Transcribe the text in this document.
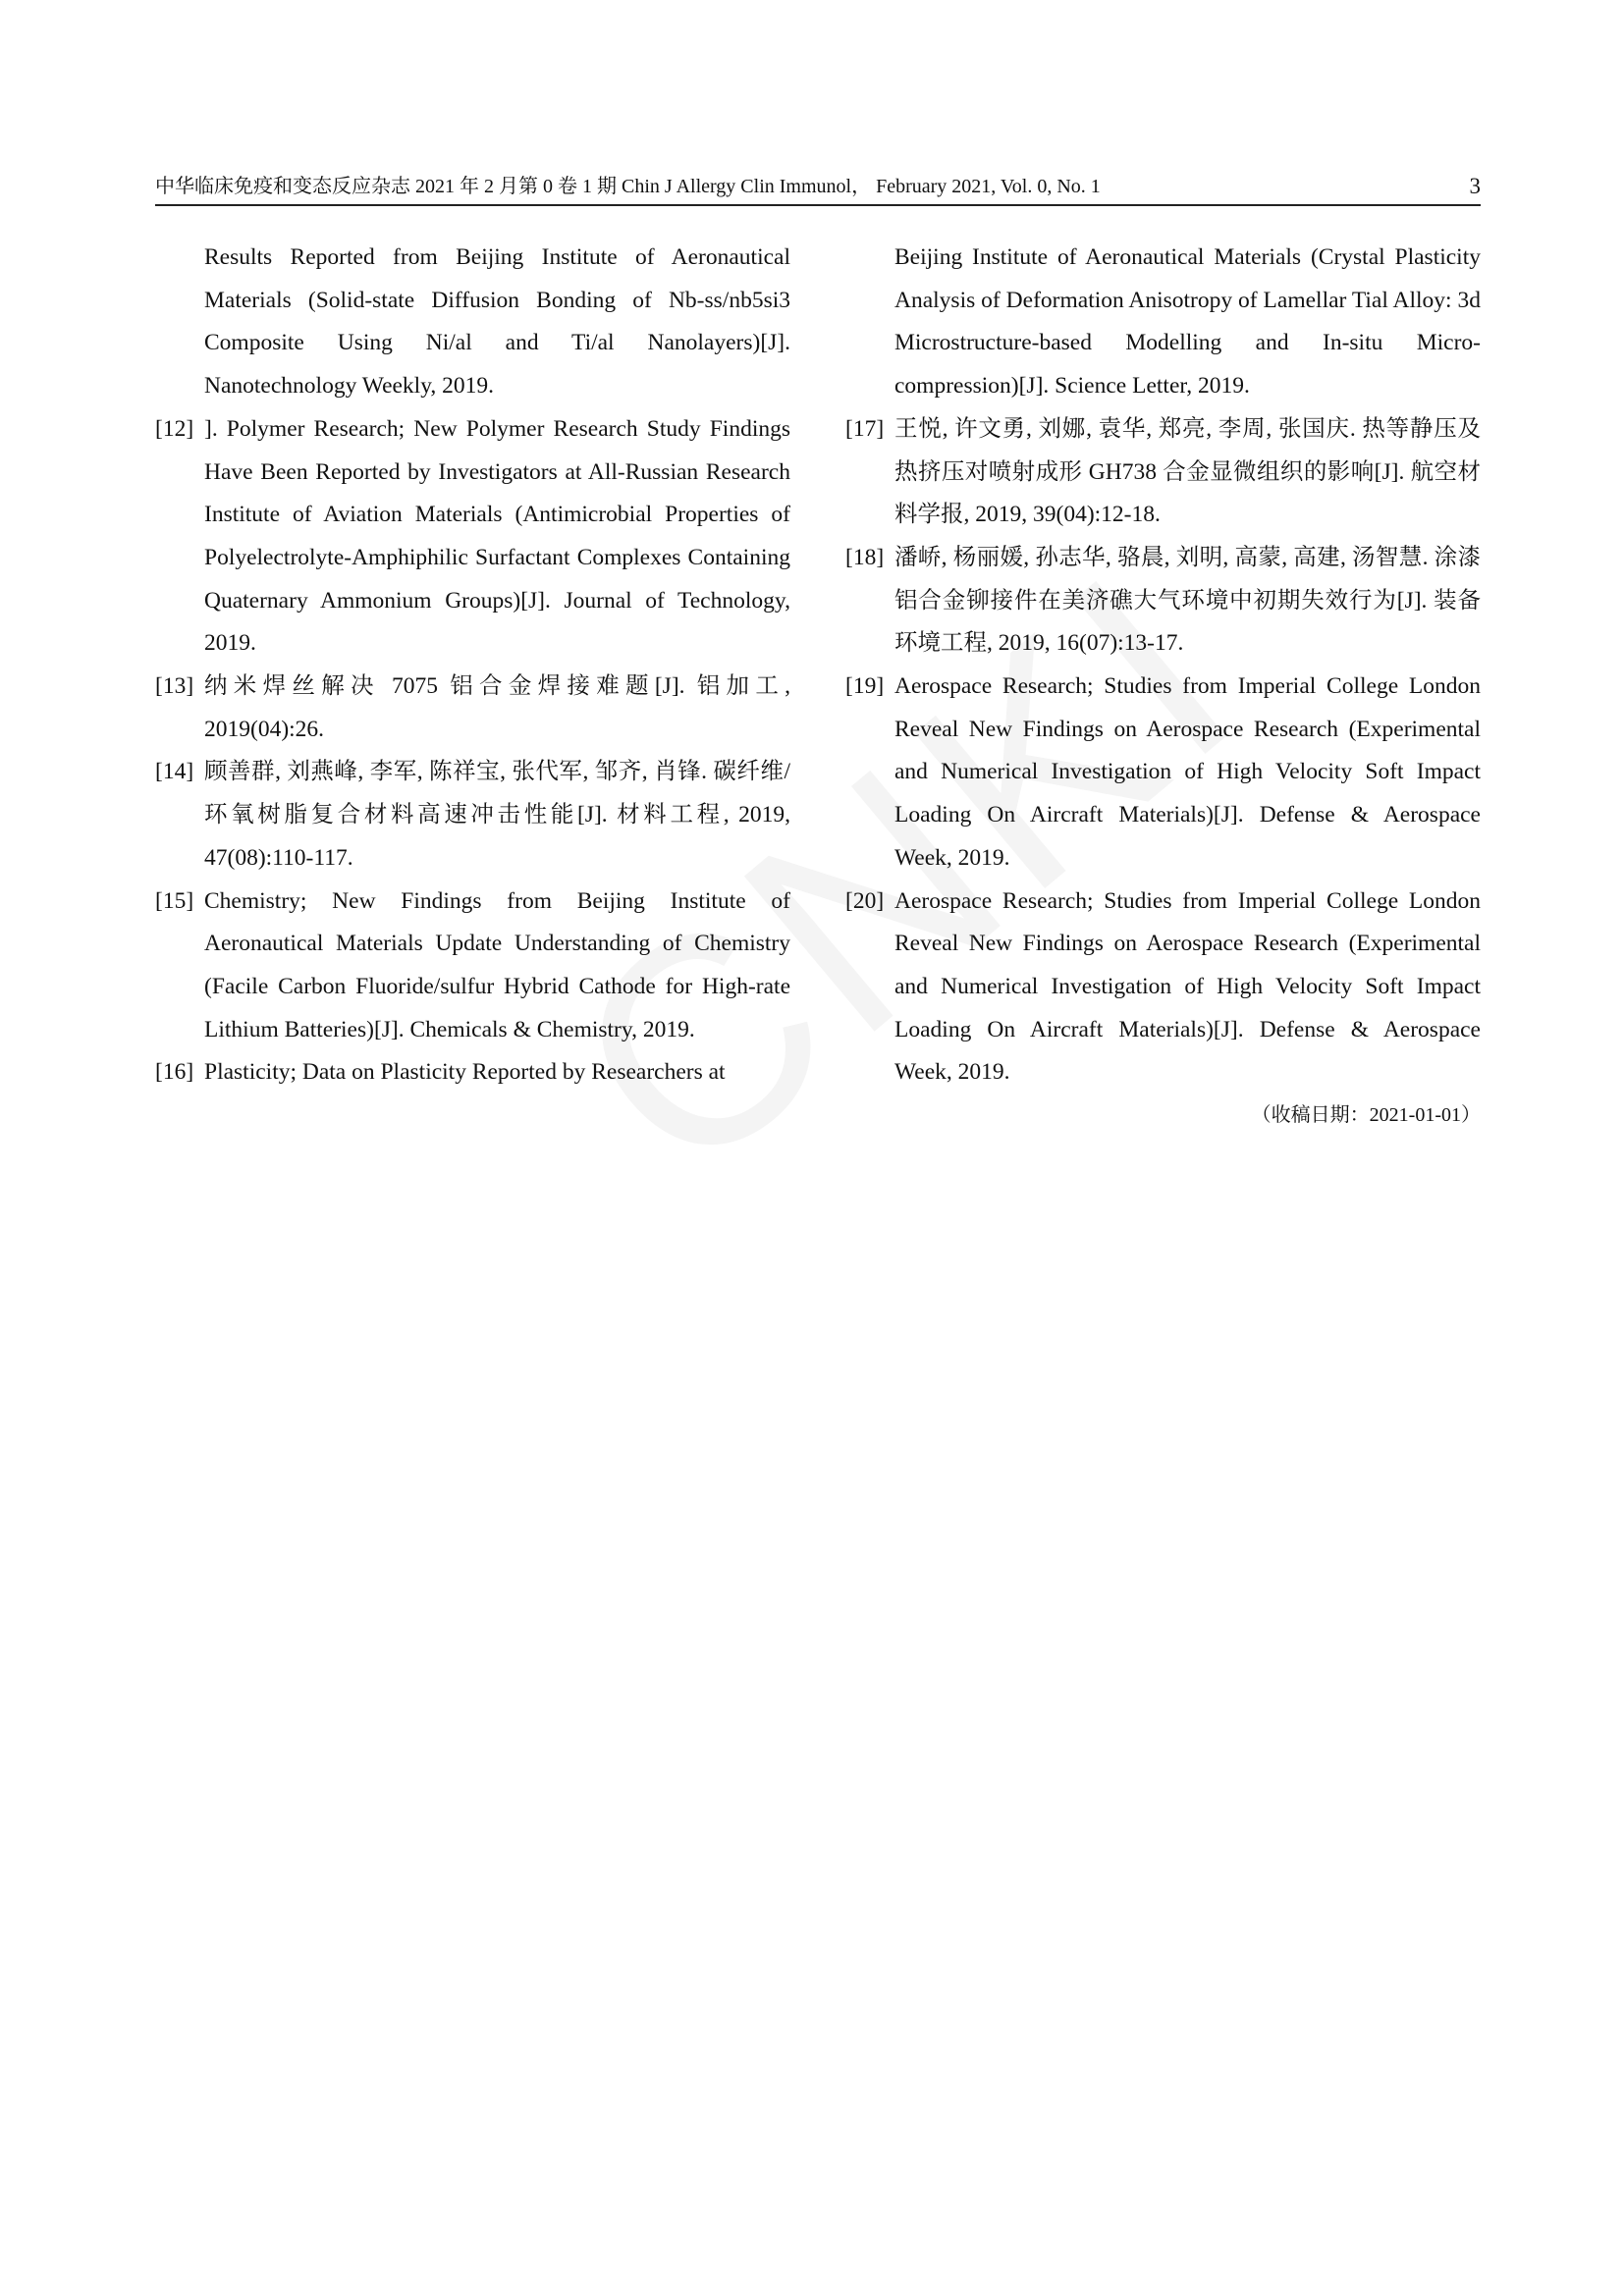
中华临床免疫和变态反应杂志 2021 年 2 月第 0 卷 1 期 Chin J Allergy Clin Immunol， February 2021, Vol. 0, No. 1	3
Results Reported from Beijing Institute of Aeronautical Materials (Solid-state Diffusion Bonding of Nb-ss/nb5si3 Composite Using Ni/al and Ti/al Nanolayers)[J]. Nanotechnology Weekly, 2019.
[12] ]. Polymer Research; New Polymer Research Study Findings Have Been Reported by Investigators at All-Russian Research Institute of Aviation Materials (Antimicrobial Properties of Polyelectrolyte-Amphiphilic Surfactant Complexes Containing Quaternary Ammonium Groups)[J]. Journal of Technology, 2019.
[13] 纳米焊丝解决 7075 铝合金焊接难题[J]. 铝加工, 2019(04):26.
[14] 顾善群, 刘燕峰, 李军, 陈祥宝, 张代军, 邹齐, 肖锋. 碳纤维/环氧树脂复合材料高速冲击性能[J]. 材料工程, 2019, 47(08):110-117.
[15] Chemistry; New Findings from Beijing Institute of Aeronautical Materials Update Understanding of Chemistry (Facile Carbon Fluoride/sulfur Hybrid Cathode for High-rate Lithium Batteries)[J]. Chemicals & Chemistry, 2019.
[16] Plasticity; Data on Plasticity Reported by Researchers at
Beijing Institute of Aeronautical Materials (Crystal Plasticity Analysis of Deformation Anisotropy of Lamellar Tial Alloy: 3d Microstructure-based Modelling and In-situ Micro-compression)[J]. Science Letter, 2019.
[17] 王悦, 许文勇, 刘娜, 袁华, 郑亮, 李周, 张国庆. 热等静压及热挤压对喷射成形 GH738 合金显微组织的影响[J]. 航空材料学报, 2019, 39(04):12-18.
[18] 潘峤, 杨丽媛, 孙志华, 骆晨, 刘明, 高蒙, 高建, 汤智慧. 涂漆铝合金铆接件在美济礁大气环境中初期失效行为[J]. 装备环境工程, 2019, 16(07):13-17.
[19] Aerospace Research; Studies from Imperial College London Reveal New Findings on Aerospace Research (Experimental and Numerical Investigation of High Velocity Soft Impact Loading On Aircraft Materials)[J]. Defense & Aerospace Week, 2019.
[20] Aerospace Research; Studies from Imperial College London Reveal New Findings on Aerospace Research (Experimental and Numerical Investigation of High Velocity Soft Impact Loading On Aircraft Materials)[J]. Defense & Aerospace Week, 2019.
（收稿日期：2021-01-01）
